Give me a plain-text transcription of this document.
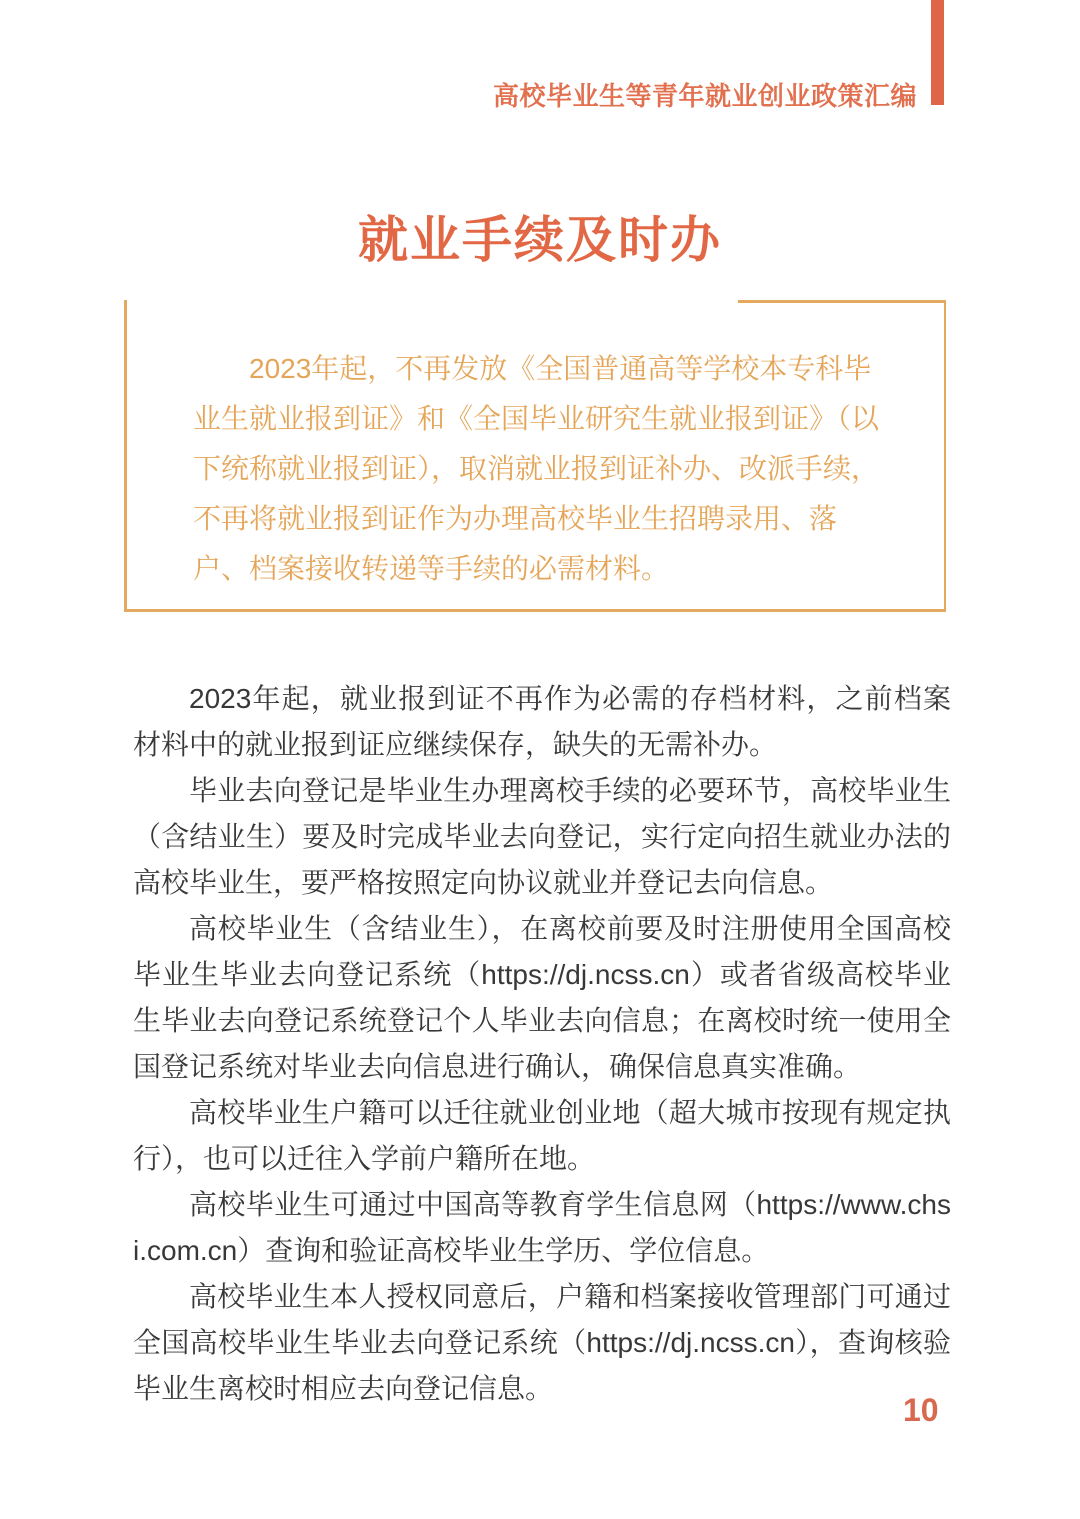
高校毕业生等青年就业创业政策汇编
就业手续及时办
2023年起，不再发放《全国普通高等学校本专科毕
业生就业报到证》和《全国毕业研究生就业报到证》（以
下统称就业报到证），取消就业报到证补办、改派手续，
不再将就业报到证作为办理高校毕业生招聘录用、落
户、档案接收转递等手续的必需材料。

2023年起，就业报到证不再作为必需的存档材料，之前档案材料中的就业报到证应继续保存，缺失的无需补办。

毕业去向登记是毕业生办理离校手续的必要环节，高校毕业生（含结业生）要及时完成毕业去向登记，实行定向招生就业办法的高校毕业生，要严格按照定向协议就业并登记去向信息。

高校毕业生（含结业生），在离校前要及时注册使用全国高校毕业生毕业去向登记系统（https://dj.ncss.cn）或者省级高校毕业生毕业去向登记系统登记个人毕业去向信息；在离校时统一使用全国登记系统对毕业去向信息进行确认，确保信息真实准确。

高校毕业生户籍可以迁往就业创业地（超大城市按现有规定执行），也可以迁往入学前户籍所在地。

高校毕业生可通过中国高等教育学生信息网（https://www.chsi.com.cn）查询和验证高校毕业生学历、学位信息。

高校毕业生本人授权同意后，户籍和档案接收管理部门可通过全国高校毕业生毕业去向登记系统（https://dj.ncss.cn），查询核验毕业生离校时相应去向登记信息。

10
